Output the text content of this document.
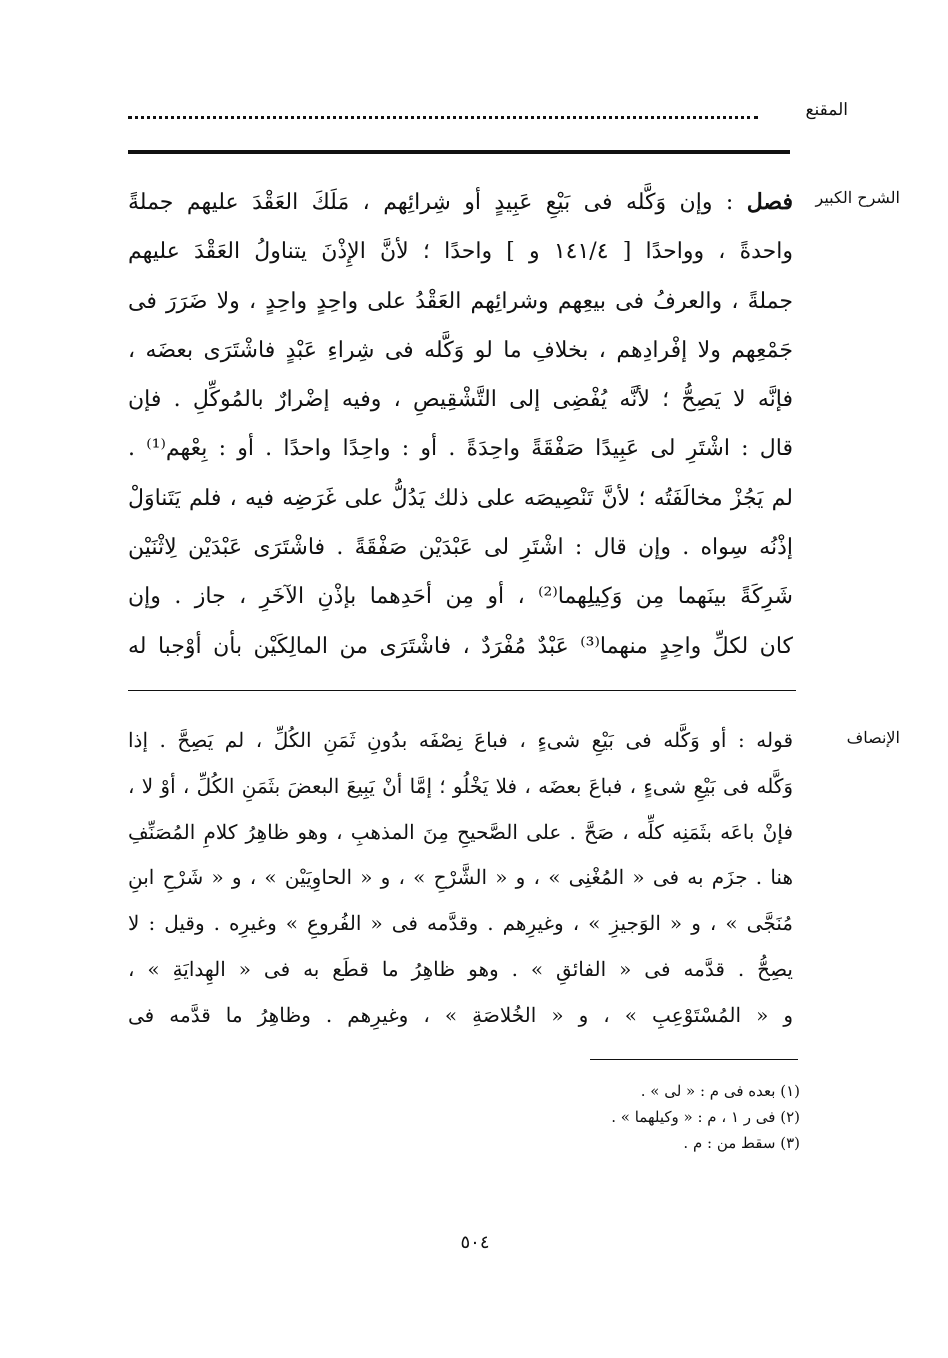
المقنع
الشرح الكبير
فصل : وإن وَكَّله فى بَيْعِ عَبِيدٍ أو شِرائِهم ، مَلَكَ العَقْدَ عليهم جملةً
واحدةً ، وواحدًا [ ١٤١/٤ و ] واحدًا ؛ لأنَّ الإِذْنَ يتناولُ العَقْدَ عليهم
جملةً ، والعرفُ فى بيعِهم وشرائِهم العَقْدُ على واحِدٍ واحِدٍ ، ولا ضَرَرَ فى
جَمْعِهم ولا إفْرادِهم ، بخلافِ ما لو وَكَّله فى شِراءِ عَبْدٍ فاشْتَرَى بعضَه ،
فإنَّه لا يَصِحُّ ؛ لأنَّه يُفْضِى إلى التَّشْقِيصِ ، وفيه إضْرارٌ بالمُوكِّلِ . فإن
قال : اشْتَرِ لى عَبِيدًا صَفْقَةً واحِدَةً . أو : واحِدًا واحدًا . أو : بِعْهم⁽¹⁾ .
لم يَجُزْ مخالَفَتُه ؛ لأنَّ تَنْصِيصَه على ذلك يَدُلُّ على غَرَضِه فيه ، فلم يَتَناوَلْ
إذْنُه سِواه . وإن قال : اشْتَرِ لى عَبْدَيْن صَفْقَةً . فاشْتَرَى عَبْدَيْن لِاثْنَيْن
شَرِكَةً بينَهما مِن وَكِيلِهما⁽²⁾ ، أو مِن أحَدِهما بإذْنِ الآخَرِ ، جاز . وإن
كان لكلِّ واحِدٍ منهما⁽³⁾ عَبْدٌ مُفْرَدٌ ، فاشْتَرَى من المالِكَيْن بأن أوْجبا له
الإنصاف
قوله : أو وَكَّله فى بَيْعِ شىءٍ ، فباعَ نِصْفَه بدُونِ ثَمَنِ الكُلِّ ، لم يَصِحَّ . إذا
وَكَّله فى بَيْعِ شىءٍ ، فباعَ بعضَه ، فلا يَخْلُو ؛ إمَّا أنْ يَبِيعَ البعضَ بثَمَنِ الكُلِّ ، أوْ لا ،
فإنْ باعَه بثَمَنِه كلِّه ، صَحَّ . على الصَّحيحِ مِنَ المذهبِ ، وهو ظاهِرُ كلامِ المُصَنِّفِ
هنا . جزَم به فى « المُغْنِى » ، و « الشَّرْحِ » ، و « الحاوِيَيْن » ، و « شَرْحِ ابنِ
مُنَجَّى » ، و « الوَجيزِ » ، وغيرِهم . وقدَّمه فى « الفُروعِ » وغيرِه . وقيل : لا
يصِحُّ . قدَّمه فى « الفائقِ » . وهو ظاهِرُ ما قطَع به فى « الهِدايَةِ » ،
و « المُسْتَوْعِبِ » ، و « الخُلاصَةِ » ، وغيرِهم . وظاهِرُ ما قدَّمه فى
(١) بعده فى م : « لى » .
(٢) فى ر ١ ، م : « وكيلهما » .
(٣) سقط من : م .
٥٠٤
